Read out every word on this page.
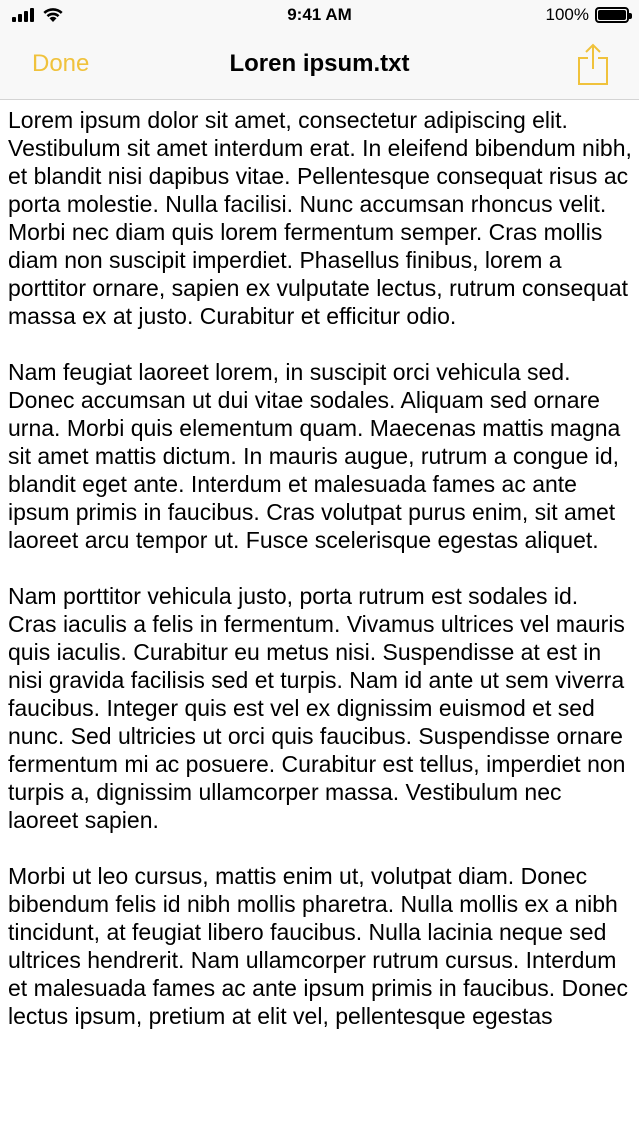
9:41 AM	100%
Done	Loren ipsum.txt

Lorem ipsum dolor sit amet, consectetur adipiscing elit. Vestibulum sit amet interdum erat. In eleifend bibendum nibh, et blandit nisi dapibus vitae. Pellentesque consequat risus ac porta molestie. Nulla facilisi. Nunc accumsan rhoncus velit. Morbi nec diam quis lorem fermentum semper. Cras mollis diam non suscipit imperdiet. Phasellus finibus, lorem a porttitor ornare, sapien ex vulputate lectus, rutrum consequat massa ex at justo. Curabitur et efficitur odio.

Nam feugiat laoreet lorem, in suscipit orci vehicula sed. Donec accumsan ut dui vitae sodales. Aliquam sed ornare urna. Morbi quis elementum quam. Maecenas mattis magna sit amet mattis dictum. In mauris augue, rutrum a congue id, blandit eget ante. Interdum et malesuada fames ac ante ipsum primis in faucibus. Cras volutpat purus enim, sit amet laoreet arcu tempor ut. Fusce scelerisque egestas aliquet.

Nam porttitor vehicula justo, porta rutrum est sodales id. Cras iaculis a felis in fermentum. Vivamus ultrices vel mauris quis iaculis. Curabitur eu metus nisi. Suspendisse at est in nisi gravida facilisis sed et turpis. Nam id ante ut sem viverra faucibus. Integer quis est vel ex dignissim euismod et sed nunc. Sed ultricies ut orci quis faucibus. Suspendisse ornare fermentum mi ac posuere. Curabitur est tellus, imperdiet non turpis a, dignissim ullamcorper massa. Vestibulum nec laoreet sapien.

Morbi ut leo cursus, mattis enim ut, volutpat diam. Donec bibendum felis id nibh mollis pharetra. Nulla mollis ex a nibh tincidunt, at feugiat libero faucibus. Nulla lacinia neque sed ultrices hendrerit. Nam ullamcorper rutrum cursus. Interdum et malesuada fames ac ante ipsum primis in faucibus. Donec lectus ipsum, pretium at elit vel, pellentesque egestas
